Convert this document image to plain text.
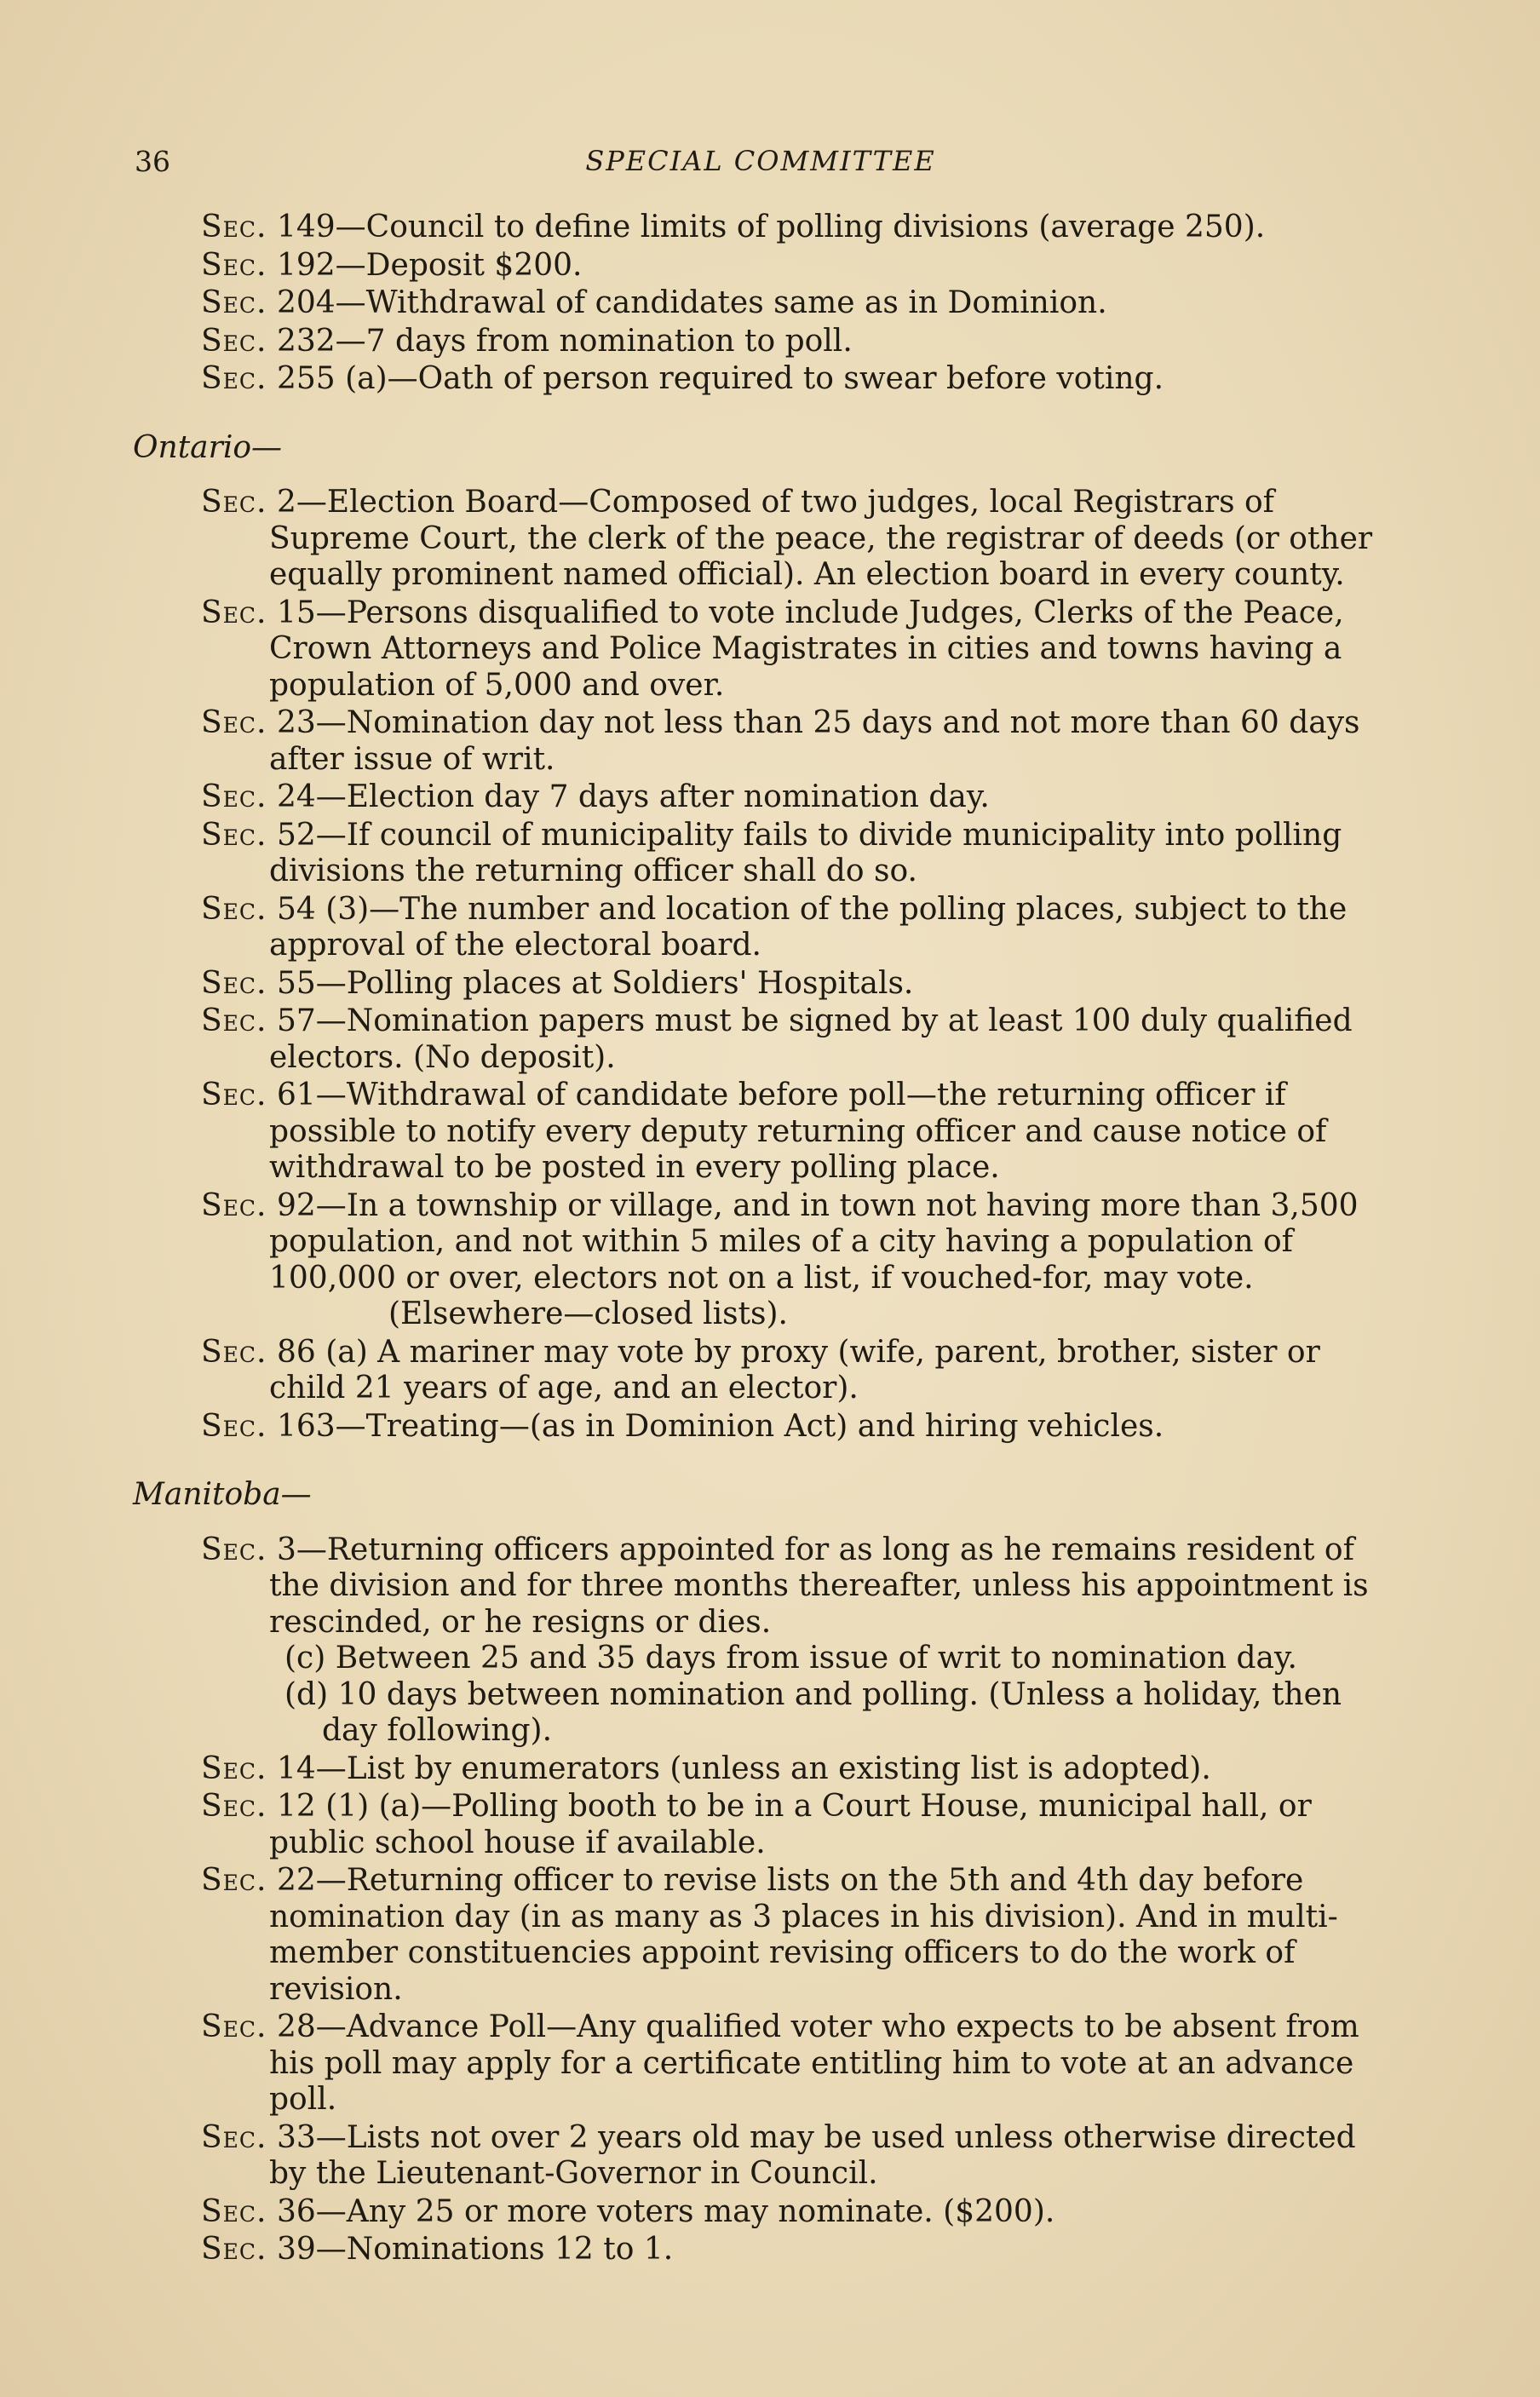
36	SPECIAL COMMITTEE
Sec. 149—Council to define limits of polling divisions (average 250).
Sec. 192—Deposit $200.
Sec. 204—Withdrawal of candidates same as in Dominion.
Sec. 232—7 days from nomination to poll.
Sec. 255 (a)—Oath of person required to swear before voting.
Ontario—
Sec. 2—Election Board—Composed of two judges, local Registrars of Supreme Court, the clerk of the peace, the registrar of deeds (or other equally prominent named official). An election board in every county.
Sec. 15—Persons disqualified to vote include Judges, Clerks of the Peace, Crown Attorneys and Police Magistrates in cities and towns having a population of 5,000 and over.
Sec. 23—Nomination day not less than 25 days and not more than 60 days after issue of writ.
Sec. 24—Election day 7 days after nomination day.
Sec. 52—If council of municipality fails to divide municipality into polling divisions the returning officer shall do so.
Sec. 54 (3)—The number and location of the polling places, subject to the approval of the electoral board.
Sec. 55—Polling places at Soldiers' Hospitals.
Sec. 57—Nomination papers must be signed by at least 100 duly qualified electors. (No deposit).
Sec. 61—Withdrawal of candidate before poll—the returning officer if possible to notify every deputy returning officer and cause notice of withdrawal to be posted in every polling place.
Sec. 92—In a township or village, and in town not having more than 3,500 population, and not within 5 miles of a city having a population of 100,000 or over, electors not on a list, if vouched-for, may vote.
(Elsewhere—closed lists).
Sec. 86 (a) A mariner may vote by proxy (wife, parent, brother, sister or child 21 years of age, and an elector).
Sec. 163—Treating—(as in Dominion Act) and hiring vehicles.
Manitoba—
Sec. 3—Returning officers appointed for as long as he remains resident of the division and for three months thereafter, unless his appointment is rescinded, or he resigns or dies.
(c) Between 25 and 35 days from issue of writ to nomination day.
(d) 10 days between nomination and polling. (Unless a holiday, then day following).
Sec. 14—List by enumerators (unless an existing list is adopted).
Sec. 12 (1) (a)—Polling booth to be in a Court House, municipal hall, or public school house if available.
Sec. 22—Returning officer to revise lists on the 5th and 4th day before nomination day (in as many as 3 places in his division). And in multi-member constituencies appoint revising officers to do the work of revision.
Sec. 28—Advance Poll—Any qualified voter who expects to be absent from his poll may apply for a certificate entitling him to vote at an advance poll.
Sec. 33—Lists not over 2 years old may be used unless otherwise directed by the Lieutenant-Governor in Council.
Sec. 36—Any 25 or more voters may nominate. ($200).
Sec. 39—Nominations 12 to 1.
